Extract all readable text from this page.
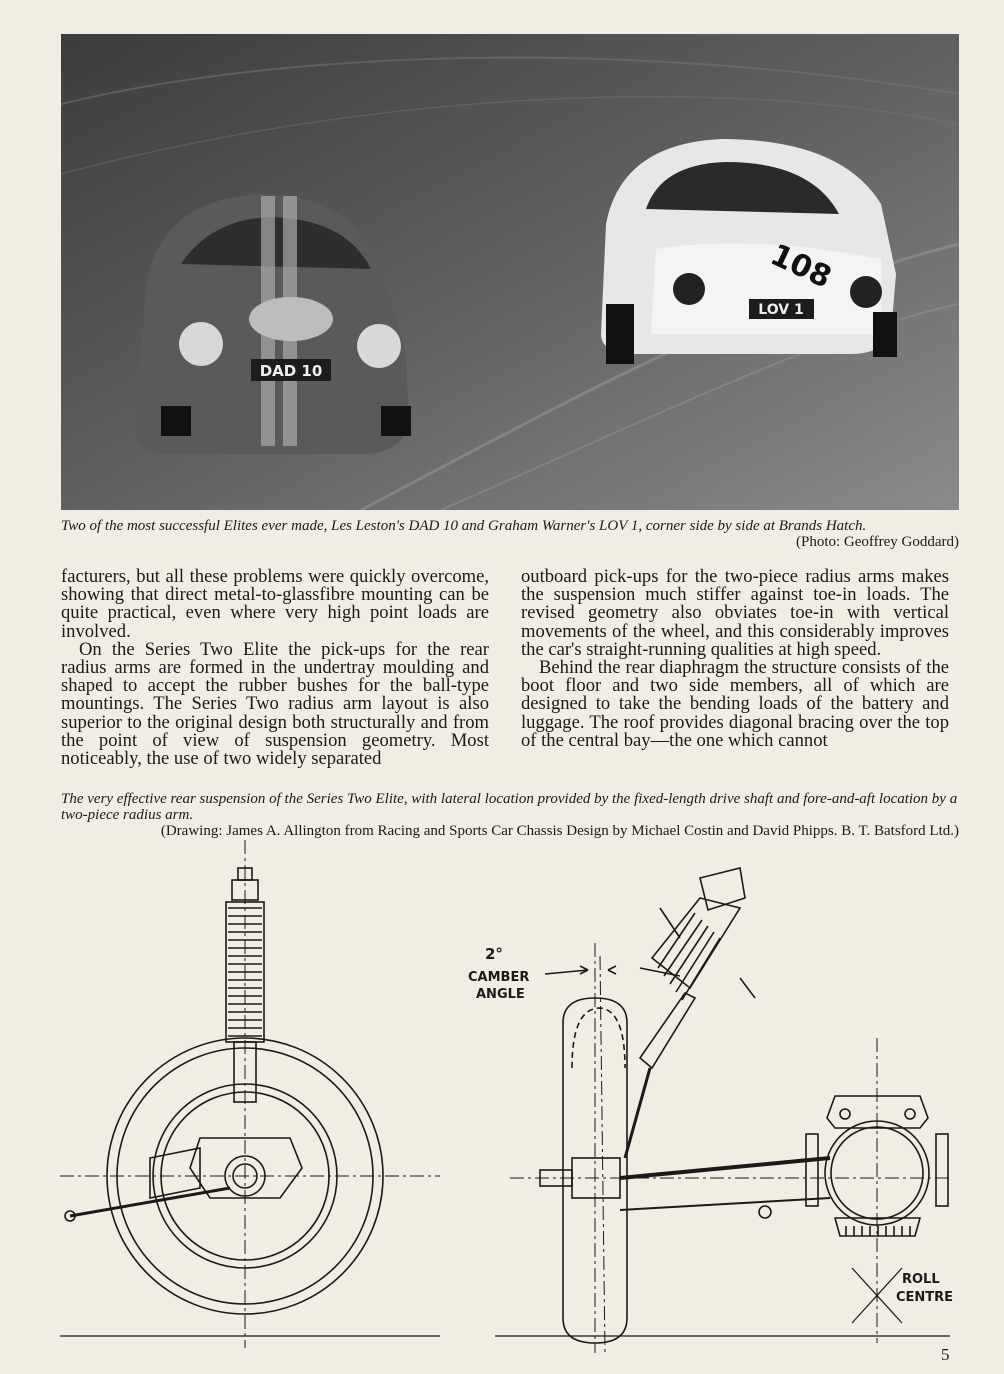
DAD 10
108
LOV 1
Two of the most successful Elites ever made, Les Leston's DAD 10 and Graham Warner's LOV 1, corner side by side at Brands Hatch.
(Photo: Geoffrey Goddard)

facturers, but all these problems were quickly overcome, showing that direct metal-to-glassfibre mounting can be quite practical, even where very high point loads are involved.

On the Series Two Elite the pick-ups for the rear radius arms are formed in the undertray moulding and shaped to accept the rubber bushes for the ball-type mountings. The Series Two radius arm layout is also superior to the original design both structurally and from the point of view of suspension geometry. Most noticeably, the use of two widely separated

outboard pick-ups for the two-piece radius arms makes the suspension much stiffer against toe-in loads. The revised geometry also obviates toe-in with vertical movements of the wheel, and this considerably improves the car's straight-running qualities at high speed.

Behind the rear diaphragm the structure consists of the boot floor and two side members, all of which are designed to take the bending loads of the battery and luggage. The roof provides diagonal bracing over the top of the central bay—the one which cannot

The very effective rear suspension of the Series Two Elite, with lateral location provided by the fixed-length drive shaft and fore-and-aft location by a two-piece radius arm.
(Drawing: James A. Allington from Racing and Sports Car Chassis Design by Michael Costin and David Phipps. B. T. Batsford Ltd.)
2°
CAMBER
ANGLE
ROLL
CENTRE
5
